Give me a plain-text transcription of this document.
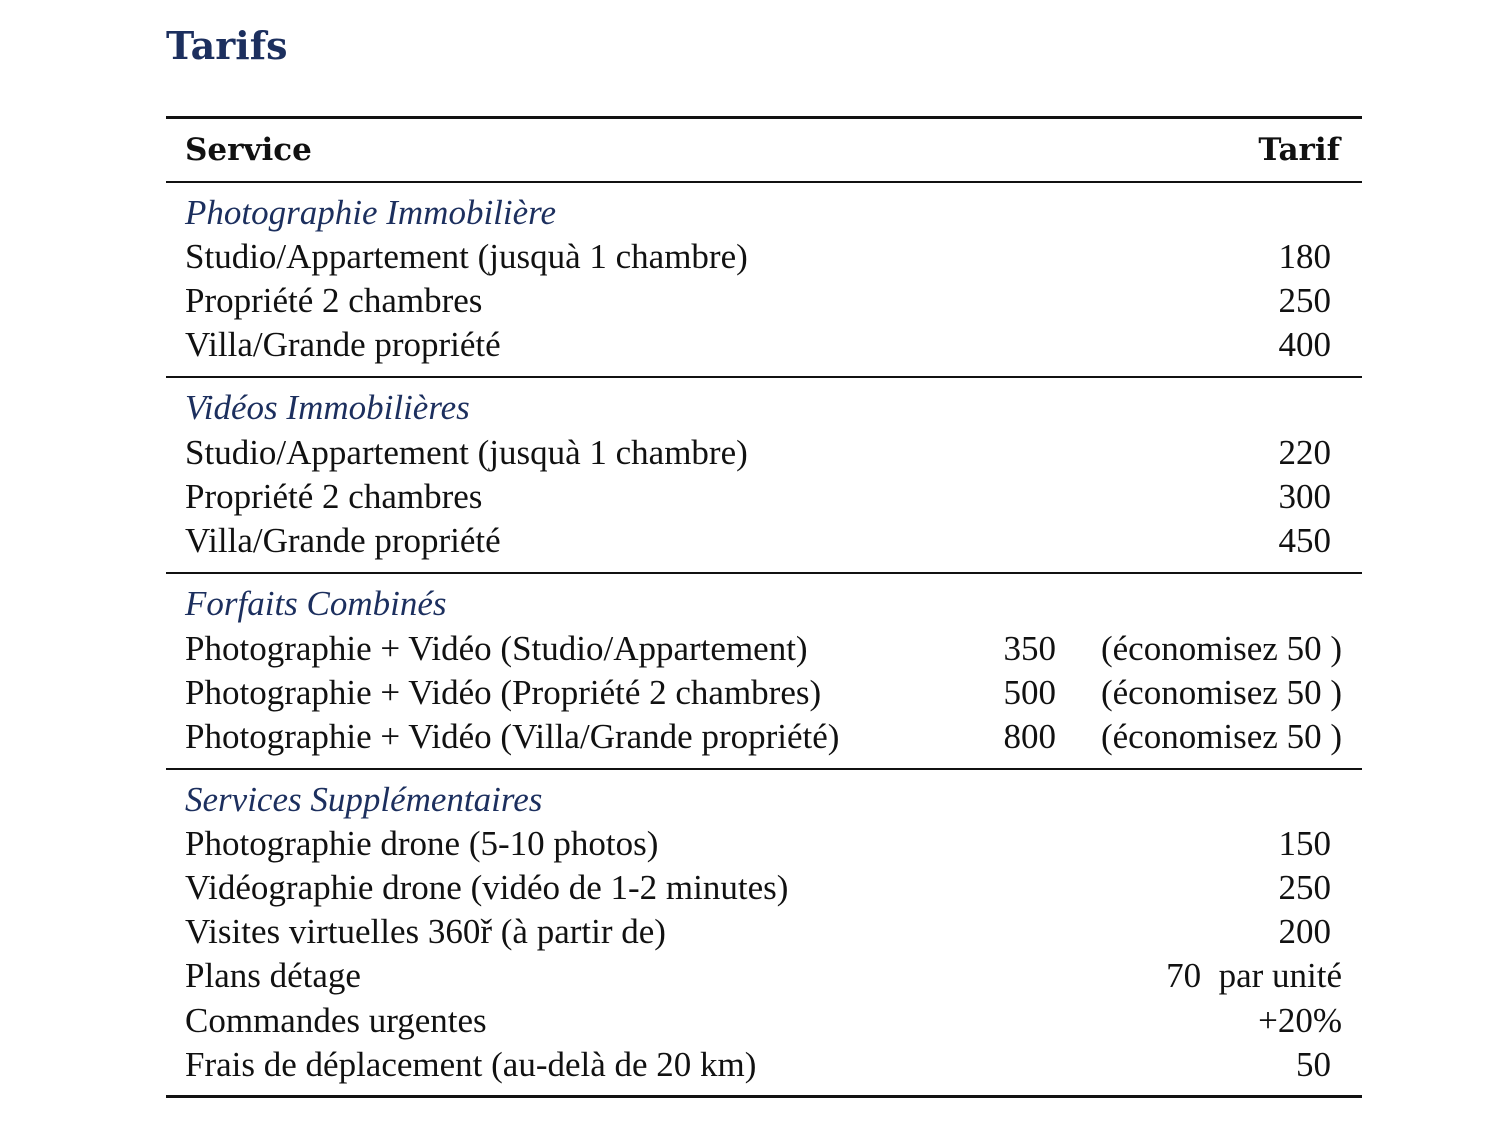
Tarifs
Service	Tarif
Photographie Immobilière
Studio/Appartement (jusquà 1 chambre)	180
Propriété 2 chambres	250
Villa/Grande propriété	400
Vidéos Immobilières
Studio/Appartement (jusquà 1 chambre)	220
Propriété 2 chambres	300
Villa/Grande propriété	450
Forfaits Combinés
Photographie + Vidéo (Studio/Appartement)	350 (économisez 50 )
Photographie + Vidéo (Propriété 2 chambres)	500 (économisez 50 )
Photographie + Vidéo (Villa/Grande propriété)	800 (économisez 50 )
Services Supplémentaires
Photographie drone (5-10 photos)	150
Vidéographie drone (vidéo de 1-2 minutes)	250
Visites virtuelles 360ř (à partir de)	200
Plans détage	70  par unité
Commandes urgentes	+20%
Frais de déplacement (au-delà de 20 km)	50
